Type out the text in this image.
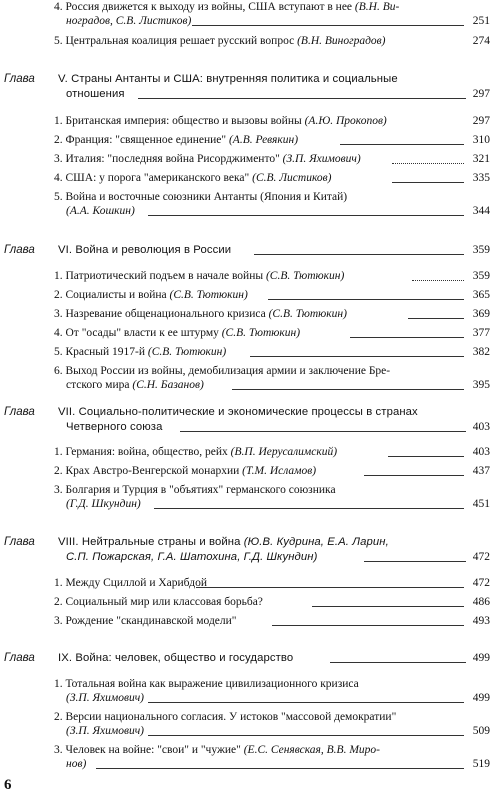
4. Россия движется к выходу из войны, США вступают в нее (В.Н. Ви-
ноградов, С.В. Листиков)	251
5. Центральная коалиция решает русский вопрос (В.Н. Виноградов)	274
Глава V. Страны Антанты и США: внутренняя политика и социальные
отношения	297
1. Британская империя: общество и вызовы войны (А.Ю. Прокопов)	297
2. Франция: "священное единение" (А.В. Ревякин)	310
3. Италия: "последняя война Рисорджименто" (З.П. Яхимович)	321
4. США: у порога "американского века" (С.В. Листиков)	335
5. Война и восточные союзники Антанты (Япония и Китай)
(А.А. Кошкин)	344
Глава VI. Война и революция в России	359
1. Патриотический подъем в начале войны (С.В. Тютюкин)	359
2. Социалисты и война (С.В. Тютюкин)	365
3. Назревание общенационального кризиса (С.В. Тютюкин)	369
4. От "осады" власти к ее штурму (С.В. Тютюкин)	377
5. Красный 1917-й (С.В. Тютюкин)	382
6. Выход России из войны, демобилизация армии и заключение Бре-
стского мира (С.Н. Базанов)	395
Глава VII. Социально-политические и экономические процессы в странах
Четверного союза	403
1. Германия: война, общество, рейх (В.П. Иерусалимский)	403
2. Крах Австро-Венгерской монархии (Т.М. Исламов)	437
3. Болгария и Турция в "объятиях" германского союзника
(Г.Д. Шкундин)	451
Глава VIII. Нейтральные страны и война (Ю.В. Кудрина, Е.А. Ларин,
С.П. Пожарская, Г.А. Шатохина, Г.Д. Шкундин)	472
1. Между Сциллой и Харибдой	472
2. Социальный мир или классовая борьба?	486
3. Рождение "скандинавской модели"	493
Глава IX. Война: человек, общество и государство	499
1. Тотальная война как выражение цивилизационного кризиса
(З.П. Яхимович)	499
2. Версии национального согласия. У истоков "массовой демократии"
(З.П. Яхимович)	509
3. Человек на войне: "свои" и "чужие" (Е.С. Сенявская, В.В. Миро-
нов)	519
6
